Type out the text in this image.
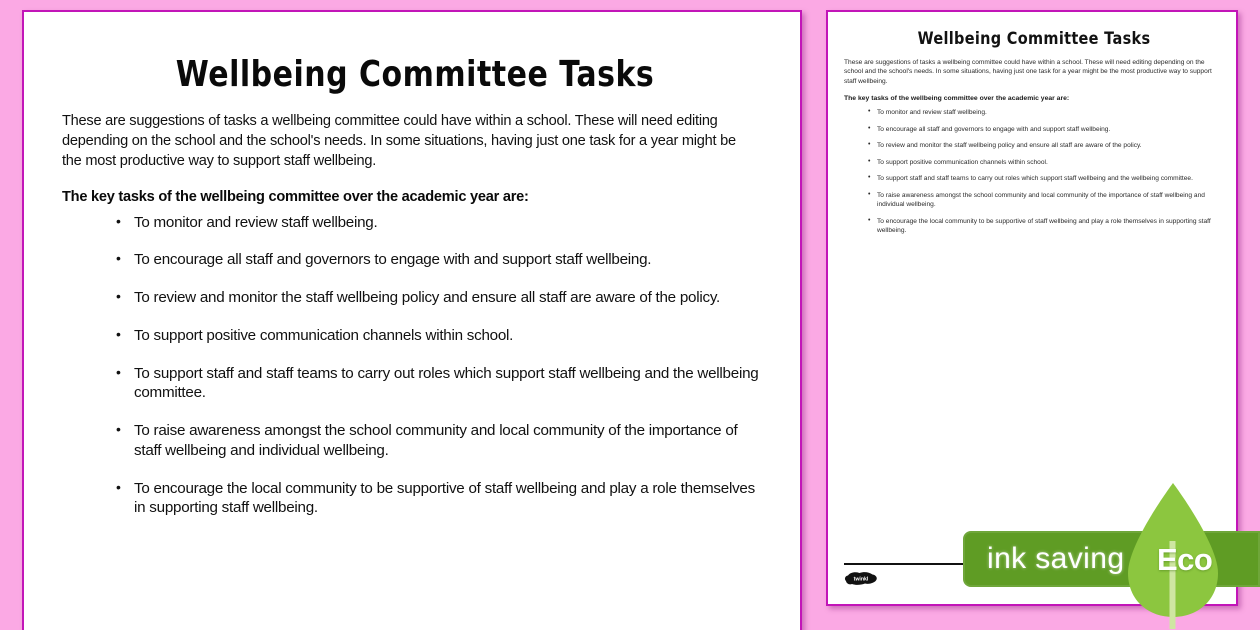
Wellbeing Committee Tasks

These are suggestions of tasks a wellbeing committee could have within a school. These will need editing depending on the school and the school's needs. In some situations, having just one task for a year might be the most productive way to support staff wellbeing.

The key tasks of the wellbeing committee over the academic year are:

• To monitor and review staff wellbeing.
• To encourage all staff and governors to engage with and support staff wellbeing.
• To review and monitor the staff wellbeing policy and ensure all staff are aware of the policy.
• To support positive communication channels within school.
• To support staff and staff teams to carry out roles which support staff wellbeing and the wellbeing committee.
• To raise awareness amongst the school community and local community of the importance of staff wellbeing and individual wellbeing.
• To encourage the local community to be supportive of staff wellbeing and play a role themselves in supporting staff wellbeing.
Wellbeing Committee Tasks

These are suggestions of tasks a wellbeing committee could have within a school. These will need editing depending on the school and the school's needs. In some situations, having just one task for a year might be the most productive way to support staff wellbeing.

The key tasks of the wellbeing committee over the academic year are:

• To monitor and review staff wellbeing.
• To encourage all staff and governors to engage with and support staff wellbeing.
• To review and monitor the staff wellbeing policy and ensure all staff are aware of the policy.
• To support positive communication channels within school.
• To support staff and staff teams to carry out roles which support staff wellbeing and the wellbeing committee.
• To raise awareness amongst the school community and local community of the importance of staff wellbeing and individual wellbeing.
• To encourage the local community to be supportive of staff wellbeing and play a role themselves in supporting staff wellbeing.
twinkl
ink saving Eco
